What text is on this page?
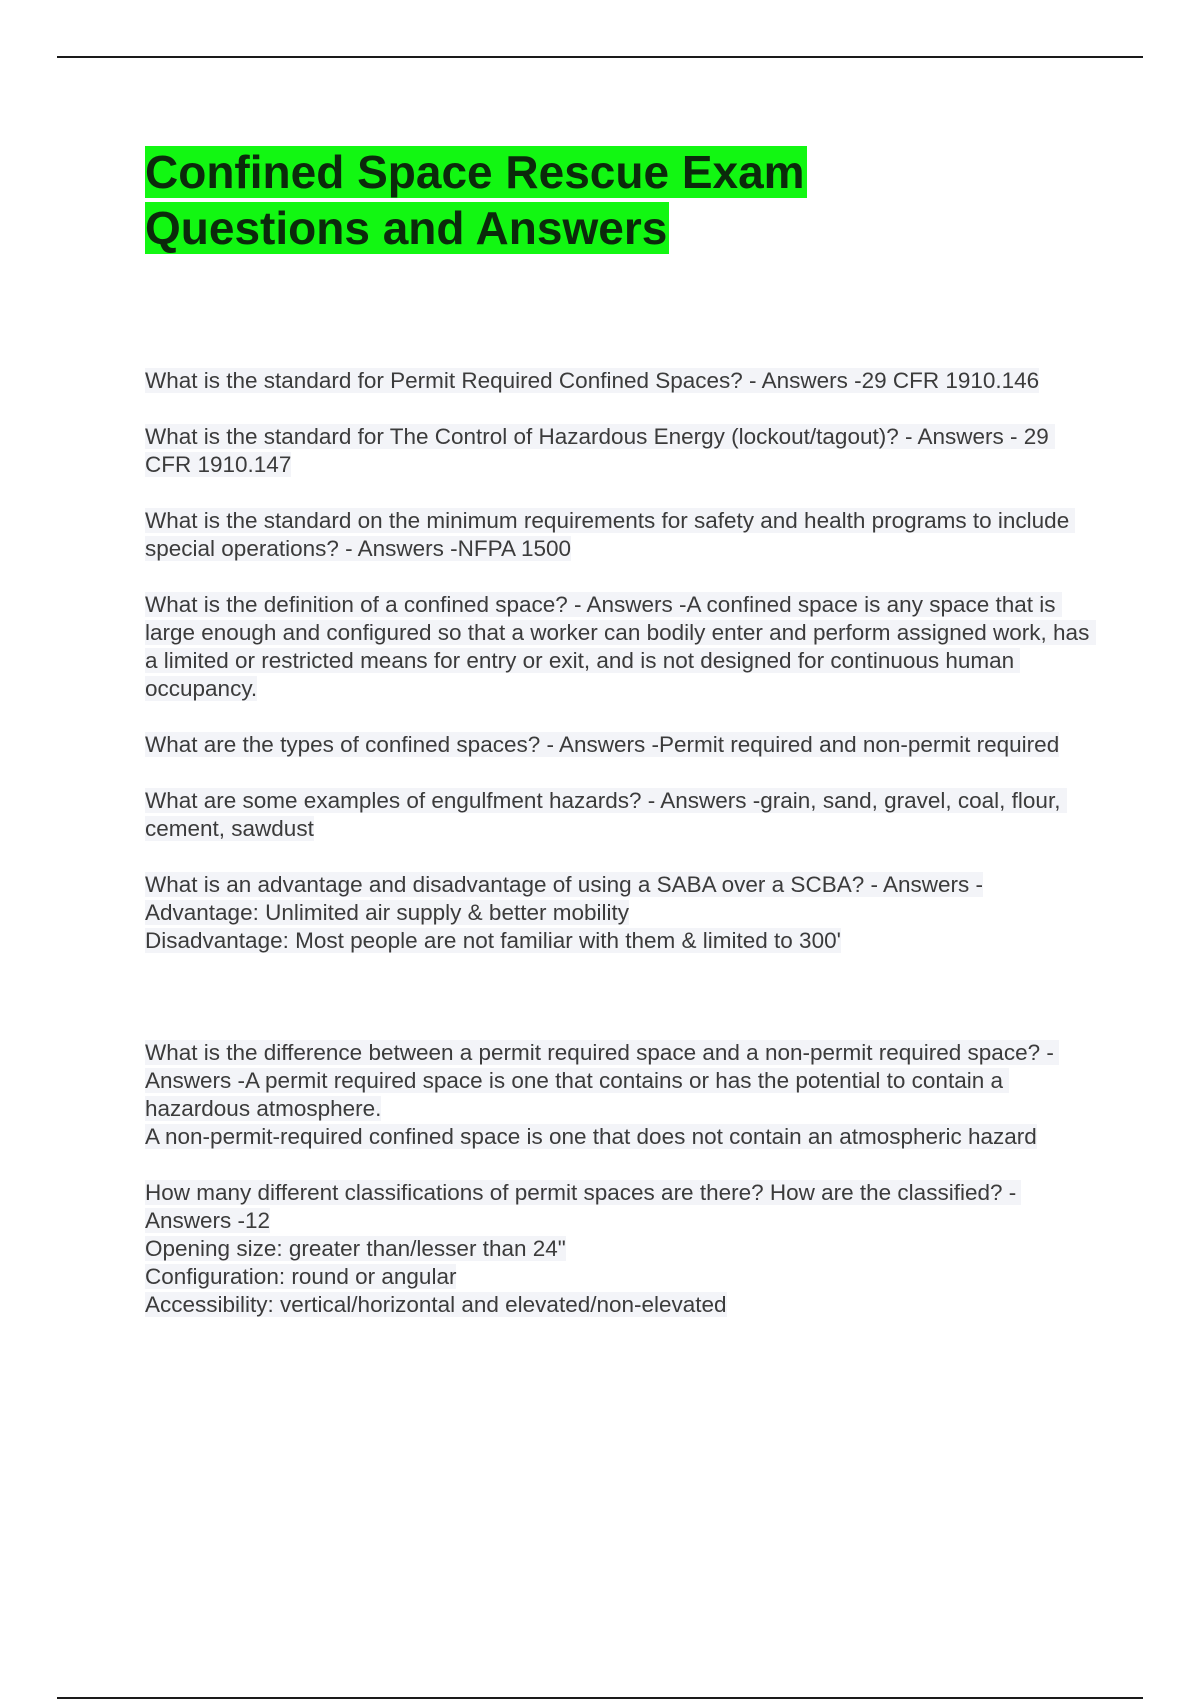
Confined Space Rescue Exam
Questions and Answers

What is the standard for Permit Required Confined Spaces? - Answers -29 CFR 1910.146

What is the standard for The Control of Hazardous Energy (lockout/tagout)? - Answers - 29 CFR 1910.147

What is the standard on the minimum requirements for safety and health programs to include special operations? - Answers -NFPA 1500

What is the definition of a confined space? - Answers -A confined space is any space that is large enough and configured so that a worker can bodily enter and perform assigned work, has a limited or restricted means for entry or exit, and is not designed for continuous human occupancy.

What are the types of confined spaces? - Answers -Permit required and non-permit required

What are some examples of engulfment hazards? - Answers -grain, sand, gravel, coal, flour, cement, sawdust

What is an advantage and disadvantage of using a SABA over a SCBA? - Answers -
Advantage: Unlimited air supply & better mobility
Disadvantage: Most people are not familiar with them & limited to 300'

What is the difference between a permit required space and a non-permit required space? - Answers -A permit required space is one that contains or has the potential to contain a hazardous atmosphere.
A non-permit-required confined space is one that does not contain an atmospheric hazard

How many different classifications of permit spaces are there? How are the classified? - Answers -12
Opening size: greater than/lesser than 24"
Configuration: round or angular
Accessibility: vertical/horizontal and elevated/non-elevated
